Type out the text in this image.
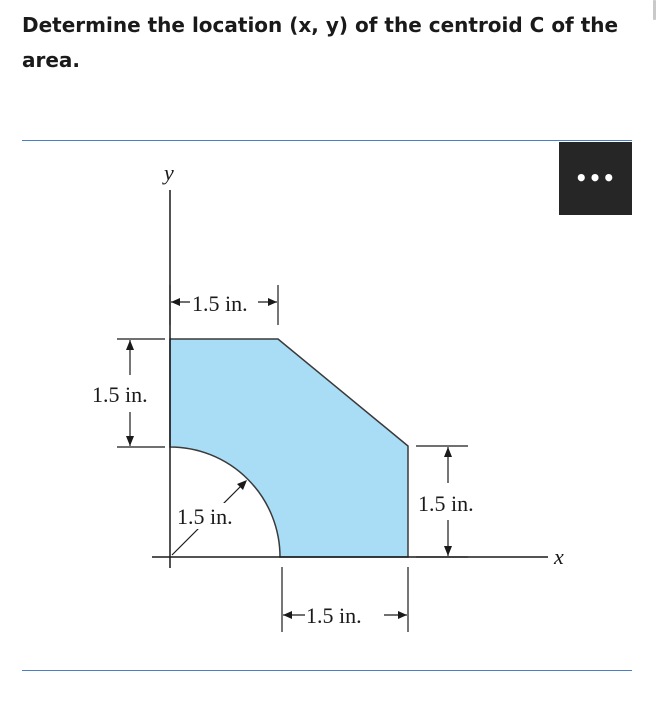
Determine the location (x, y) of the centroid C of the area.

y
x
1.5 in.
1.5 in.
1.5 in.
1.5 in.
1.5 in.
•••
